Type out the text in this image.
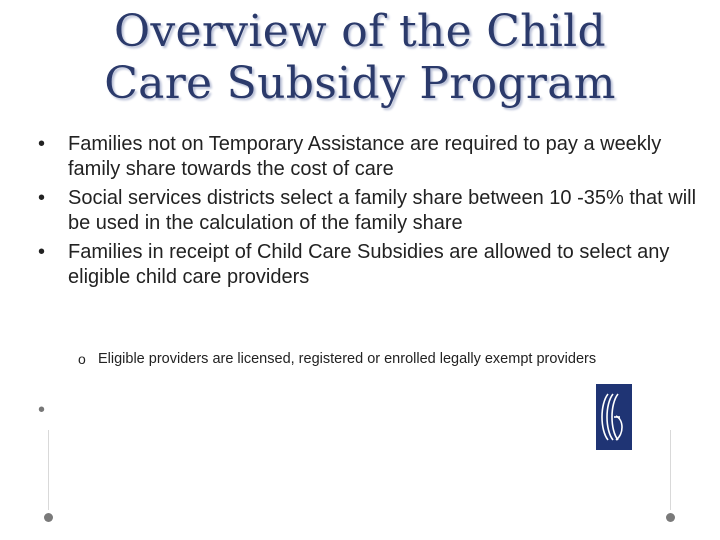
Overview of the Child
Care Subsidy Program
•	Families not on Temporary Assistance are required to pay a weekly family share towards the cost of care
•	Social services districts select a family share between 10 -35% that will be used in the calculation of the family share
•	Families in receipt of Child Care Subsidies are allowed to select any eligible child care providers
o Eligible providers are licensed, registered or enrolled legally exempt providers
•
